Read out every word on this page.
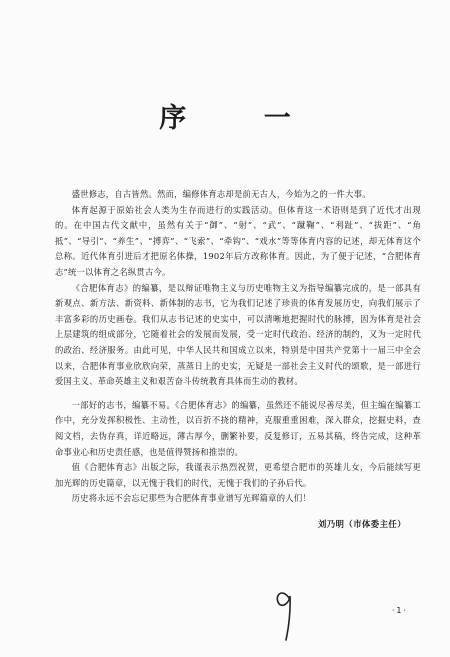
序 一

盛世修志，自古皆然。然而，编修体育志却是前无古人，今始为之的一件大事。

体育起源于原始社会人类为生存而进行的实践活动。但体育这一术语则是到了近代才出现的。在中国古代文献中，虽然有关于“御”、“射”、“武”、“蹴鞠”、“利趾”、“拔距”、“角抵”、“导引”、“养生”、“搏弈”、“飞索”、“牵钩”、“戏水”等等体育内容的记述，却无体育这个总称。近代体育引进后才把原名体操，1902年后方改称体育。因此，为了便于记述，“合肥体育志”统一以体育之名纵贯古今。

《合肥体育志》的编纂，是以辩证唯物主义与历史唯物主义为指导编纂完成的，是一部具有新观点、新方法、新资料、新体制的志书，它为我们记述了珍贵的体育发展历史，向我们展示了丰富多彩的历史画卷。我们从志书记述的史实中，可以清晰地把握时代的脉搏，因为体育是社会上层建筑的组成部分，它随着社会的发展而发展，受一定时代政治、经济的制约，又为一定时代的政治、经济服务。由此可见，中华人民共和国成立以来，特别是中国共产党第十一届三中全会以来，合肥体育事业欣欣向荣，蒸蒸日上的史实，无疑是一部社会主义时代的颂歌，是一部进行爱国主义、革命英雄主义和艰苦奋斗传统教育具体而生动的教材。

一部好的志书，编纂不易。《合肥体育志》的编纂，虽然还不能说尽善尽美，但主编在编纂工作中，充分发挥积极性、主动性，以百折不挠的精神，克服重重困难，深入群众，挖掘史料，查阅文档，去伪存真，详近略远，薄古厚今，删繁补要，反复修订，五易其稿，终告完成，这种革命事业心和历史责任感，也是值得赞扬和推崇的。

值《合肥体育志》出版之际，我谨表示热烈祝贺，更希望合肥市的英雄儿女，今后能续写更加光辉的历史篇章，以无愧于我们的时代，无愧于我们的子孙后代。

历史将永远不会忘记那些为合肥体育事业谱写光辉篇章的人们！

刘乃明（市体委主任）
·1·
